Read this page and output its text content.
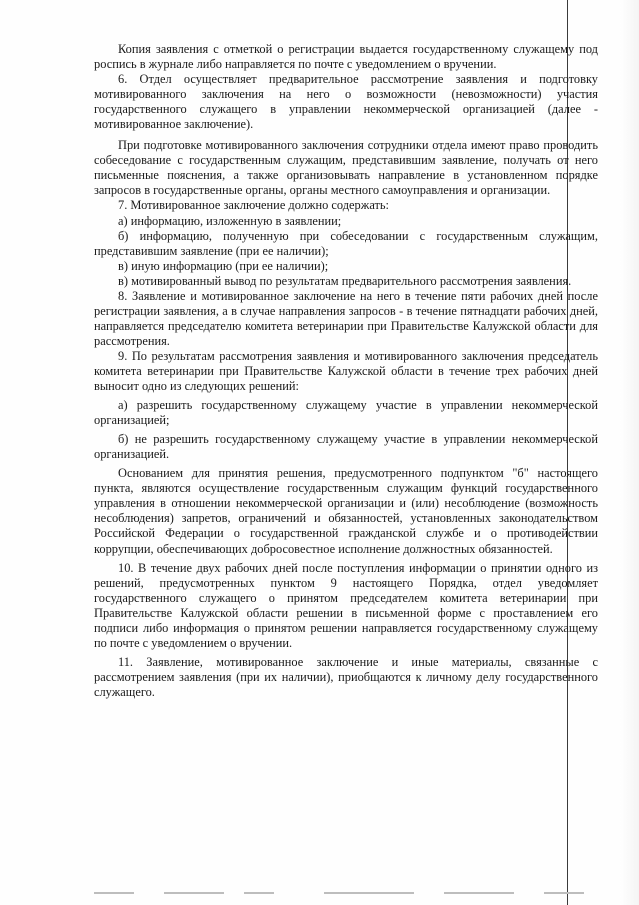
Копия заявления с отметкой о регистрации выдается государственному служащему под роспись в журнале либо направляется по почте с уведомлением о вручении.

6. Отдел осуществляет предварительное рассмотрение заявления и подготовку мотивированного заключения на него о возможности (невозможности) участия государственного служащего в управлении некоммерческой организацией (далее - мотивированное заключение).

При подготовке мотивированного заключения сотрудники отдела имеют право проводить собеседование с государственным служащим, представившим заявление, получать от него письменные пояснения, а также организовывать направление в установленном порядке запросов в государственные органы, органы местного самоуправления и организации.

7. Мотивированное заключение должно содержать:

а) информацию, изложенную в заявлении;

б) информацию, полученную при собеседовании с государственным служащим, представившим заявление (при ее наличии);

в) иную информацию (при ее наличии);

в) мотивированный вывод по результатам предварительного рассмотрения заявления.

8. Заявление и мотивированное заключение на него в течение пяти рабочих дней после регистрации заявления, а в случае направления запросов - в течение пятнадцати рабочих дней, направляется председателю комитета ветеринарии при Правительстве Калужской области для рассмотрения.

9. По результатам рассмотрения заявления и мотивированного заключения председатель комитета ветеринарии при Правительстве Калужской области в течение трех рабочих дней выносит одно из следующих решений:

а) разрешить государственному служащему участие в управлении некоммерческой организацией;

б) не разрешить государственному служащему участие в управлении некоммерческой организацией.

Основанием для принятия решения, предусмотренного подпунктом "б" настоящего пункта, являются осуществление государственным служащим функций государственного управления в отношении некоммерческой организации и (или) несоблюдение (возможность несоблюдения) запретов, ограничений и обязанностей, установленных законодательством Российской Федерации о государственной гражданской службе и о противодействии коррупции, обеспечивающих добросовестное исполнение должностных обязанностей.

10. В течение двух рабочих дней после поступления информации о принятии одного из решений, предусмотренных пунктом 9 настоящего Порядка, отдел уведомляет государственного служащего о принятом председателем комитета ветеринарии при Правительстве Калужской области решении в письменной форме с проставлением его подписи либо информация о принятом решении направляется государственному служащему по почте с уведомлением о вручении.

11. Заявление, мотивированное заключение и иные материалы, связанные с рассмотрением заявления (при их наличии), приобщаются к личному делу государственного служащего.
